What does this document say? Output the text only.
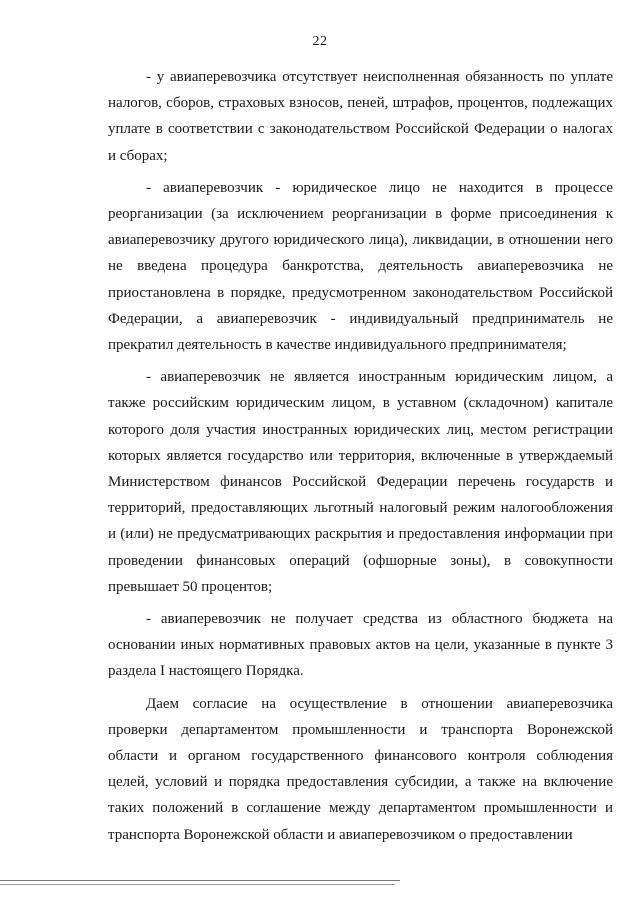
22

- у авиаперевозчика отсутствует неисполненная обязанность по уплате налогов, сборов, страховых взносов, пеней, штрафов, процентов, подлежащих уплате в соответствии с законодательством Российской Федерации о налогах и сборах;

- авиаперевозчик - юридическое лицо не находится в процессе реорганизации (за исключением реорганизации в форме присоединения к авиаперевозчику другого юридического лица), ликвидации, в отношении него не введена процедура банкротства, деятельность авиаперевозчика не приостановлена в порядке, предусмотренном законодательством Российской Федерации, а авиаперевозчик - индивидуальный предприниматель не прекратил деятельность в качестве индивидуального предпринимателя;

- авиаперевозчик не является иностранным юридическим лицом, а также российским юридическим лицом, в уставном (складочном) капитале которого доля участия иностранных юридических лиц, местом регистрации которых является государство или территория, включенные в утверждаемый Министерством финансов Российской Федерации перечень государств и территорий, предоставляющих льготный налоговый режим налогообложения и (или) не предусматривающих раскрытия и предоставления информации при проведении финансовых операций (офшорные зоны), в совокупности превышает 50 процентов;

- авиаперевозчик не получает средства из областного бюджета на основании иных нормативных правовых актов на цели, указанные в пункте 3 раздела I настоящего Порядка.

Даем согласие на осуществление в отношении авиаперевозчика проверки департаментом промышленности и транспорта Воронежской области и органом государственного финансового контроля соблюдения целей, условий и порядка предоставления субсидии, а также на включение таких положений в соглашение между департаментом промышленности и транспорта Воронежской области и авиаперевозчиком о предоставлении
